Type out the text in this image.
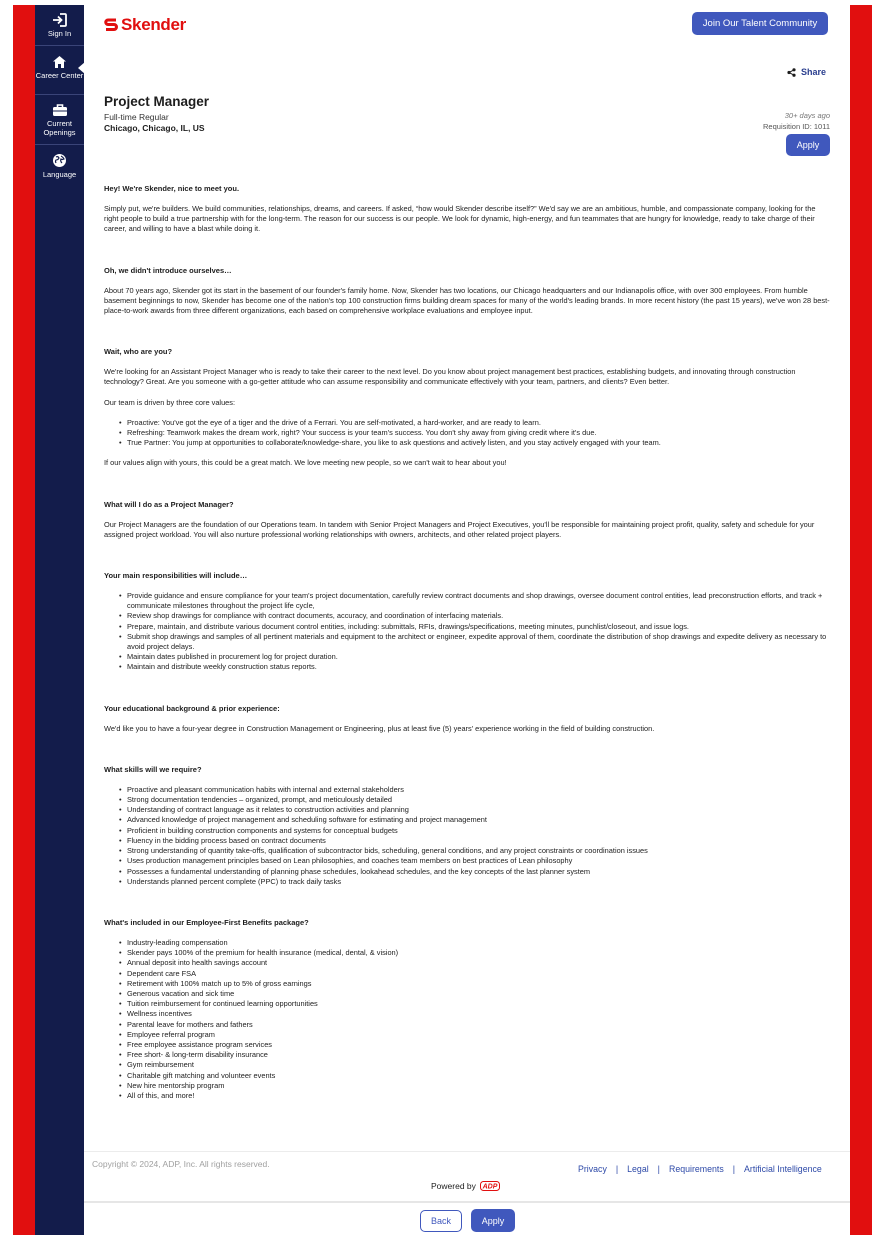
Sign In
Career Center
Current Openings
Language
Skender	Join Our Talent Community
Share
Project Manager
Full-time Regular
Chicago, Chicago, IL, US
30+ days ago
Requisition ID: 1011
Apply
Hey! We're Skender, nice to meet you.

Simply put, we're builders. We build communities, relationships, dreams, and careers. If asked, “how would Skender describe itself?” We'd say we are an ambitious, humble, and compassionate company, looking for the right people to build a true partnership with for the long-term. The reason for our success is our people. We look for dynamic, high-energy, and fun teammates that are hungry for knowledge, ready to take charge of their career, and willing to have a blast while doing it.

Oh, we didn't introduce ourselves…

About 70 years ago, Skender got its start in the basement of our founder's family home. Now, Skender has two locations, our Chicago headquarters and our Indianapolis office, with over 300 employees. From humble basement beginnings to now, Skender has become one of the nation's top 100 construction firms building dream spaces for many of the world's leading brands. In more recent history (the past 15 years), we've won 28 best-place-to-work awards from three different organizations, each based on comprehensive workplace evaluations and employee input.

Wait, who are you?

We're looking for an Assistant Project Manager who is ready to take their career to the next level. Do you know about project management best practices, establishing budgets, and innovating through construction technology? Great. Are you someone with a go-getter attitude who can assume responsibility and communicate effectively with your team, partners, and clients? Even better.

Our team is driven by three core values:

• Proactive: You've got the eye of a tiger and the drive of a Ferrari. You are self-motivated, a hard-worker, and are ready to learn.
• Refreshing: Teamwork makes the dream work, right? Your success is your team's success. You don't shy away from giving credit where it's due.
• True Partner: You jump at opportunities to collaborate/knowledge-share, you like to ask questions and actively listen, and you stay actively engaged with your team.

If our values align with yours, this could be a great match. We love meeting new people, so we can't wait to hear about you!

What will I do as a Project Manager?

Our Project Managers are the foundation of our Operations team. In tandem with Senior Project Managers and Project Executives, you'll be responsible for maintaining project profit, quality, safety and schedule for your assigned project workload. You will also nurture professional working relationships with owners, architects, and other related project players.

Your main responsibilities will include…
• Provide guidance and ensure compliance for your team's project documentation, carefully review contract documents and shop drawings, oversee document control entities, lead preconstruction efforts, and track + communicate milestones throughout the project life cycle,
• Review shop drawings for compliance with contract documents, accuracy, and coordination of interfacing materials.
• Prepare, maintain, and distribute various document control entities, including: submittals, RFIs, drawings/specifications, meeting minutes, punchlist/closeout, and issue logs.
• Submit shop drawings and samples of all pertinent materials and equipment to the architect or engineer, expedite approval of them, coordinate the distribution of shop drawings and expedite delivery as necessary to avoid project delays.
• Maintain dates published in procurement log for project duration.
• Maintain and distribute weekly construction status reports.
Your educational background & prior experience:

We'd like you to have a four-year degree in Construction Management or Engineering, plus at least five (5) years' experience working in the field of building construction.

What skills will we require?
• Proactive and pleasant communication habits with internal and external stakeholders
• Strong documentation tendencies – organized, prompt, and meticulously detailed
• Understanding of contract language as it relates to construction activities and planning
• Advanced knowledge of project management and scheduling software for estimating and project management
• Proficient in building construction components and systems for conceptual budgets
• Fluency in the bidding process based on contract documents
• Strong understanding of quantity take-offs, qualification of subcontractor bids, scheduling, general conditions, and any project constraints or coordination issues
• Uses production management principles based on Lean philosophies, and coaches team members on best practices of Lean philosophy
• Possesses a fundamental understanding of planning phase schedules, lookahead schedules, and the key concepts of the last planner system
• Understands planned percent complete (PPC) to track daily tasks
What's included in our Employee-First Benefits package?
• Industry-leading compensation
• Skender pays 100% of the premium for health insurance (medical, dental, & vision)
• Annual deposit into health savings account
• Dependent care FSA
• Retirement with 100% match up to 5% of gross earnings
• Generous vacation and sick time
• Tuition reimbursement for continued learning opportunities
• Wellness incentives
• Parental leave for mothers and fathers
• Employee referral program
• Free employee assistance program services
• Free short- & long-term disability insurance
• Gym reimbursement
• Charitable gift matching and volunteer events
• New hire mentorship program
• All of this, and more!
Copyright © 2024, ADP, Inc. All rights reserved.	Privacy | Legal | Requirements | Artificial Intelligence
Powered by ADP
Back	Apply
